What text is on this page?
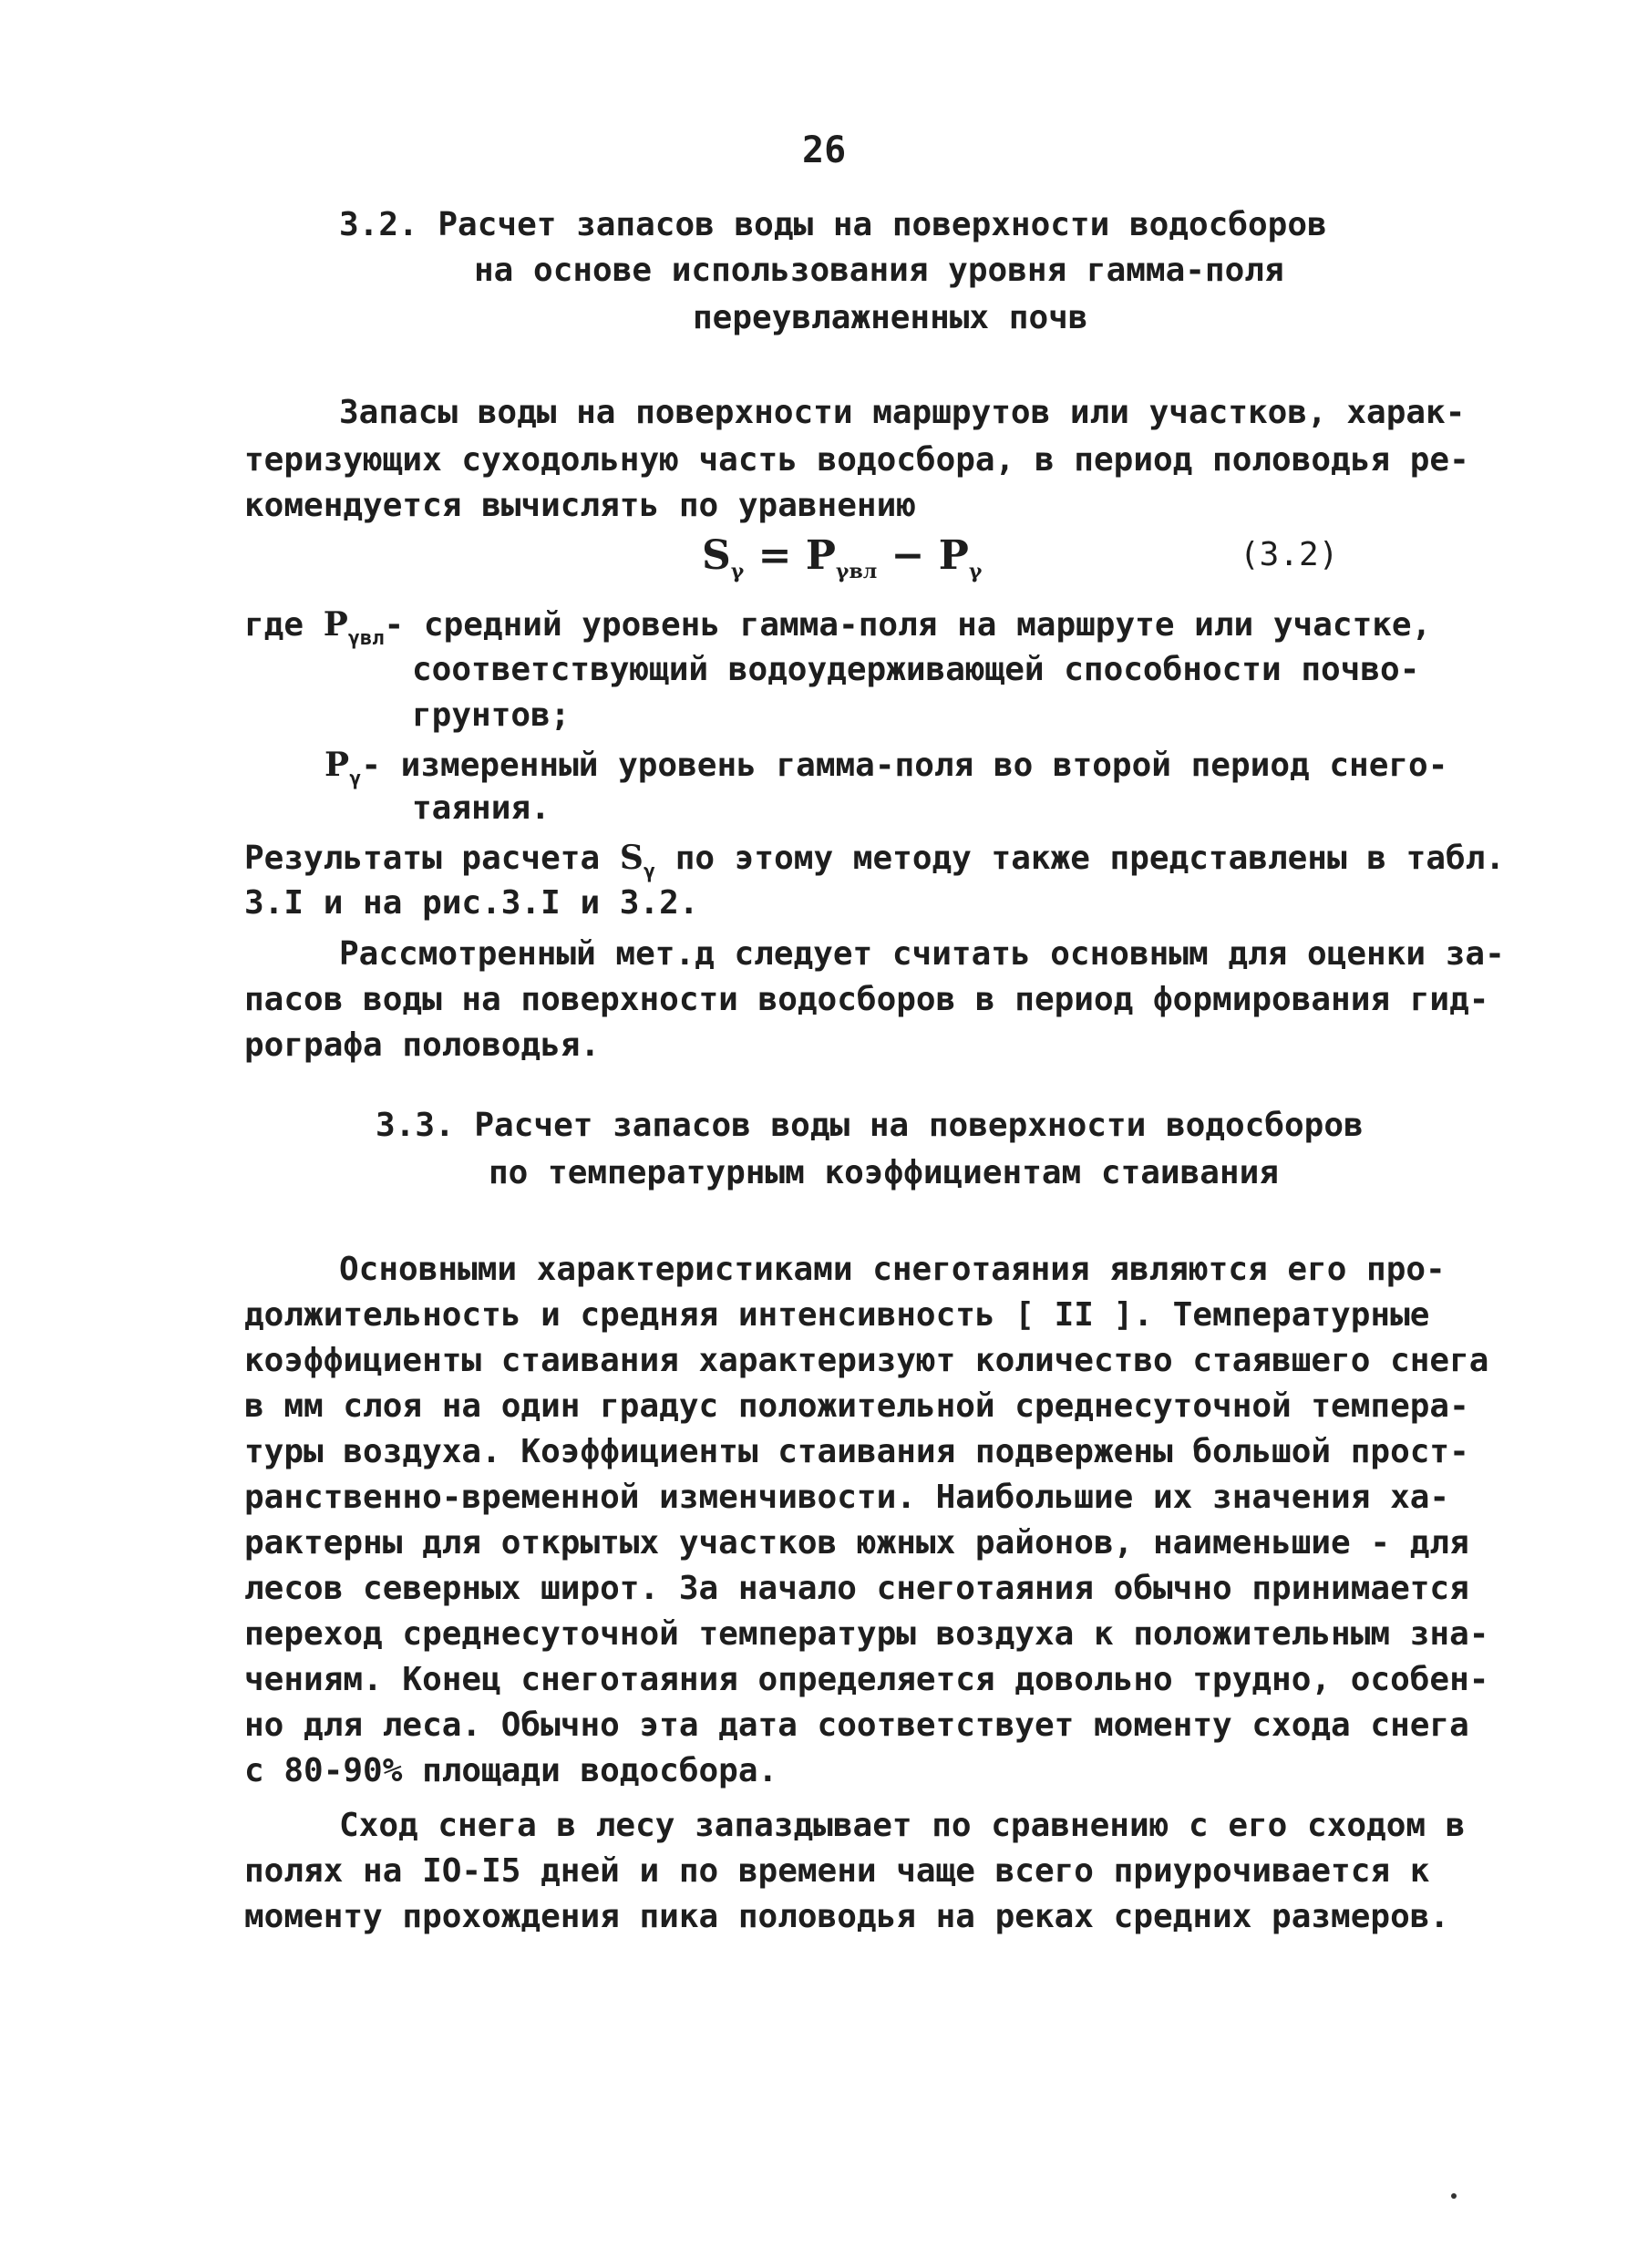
26
3.2. Расчет запасов воды на поверхности водосборов
на основе использования уровня гамма-поля
переувлажненных почв
Запасы воды на поверхности маршрутов или участков, харак-
теризующих суходольную часть водосбора, в период половодья ре-
комендуется вычислять по уравнению
$S_\gamma = P_{\gamma вл} - P_\gamma$	(3.2)
где $P_{\gamma вл}-$ средний уровень гамма-поля на маршруте или участке,
соответствующий водоудерживающей способности почво-
грунтов;
$P_\gamma-$ измеренный уровень гамма-поля во второй период снего-
таяния.
Результаты расчета $S_\gamma$ по этому методу также представлены в табл.
3.I и на рис.3.I и 3.2.
Рассмотренный мет.д следует считать основным для оценки за-
пасов воды на поверхности водосборов в период формирования гид-
рографа половодья.
3.3. Расчет запасов воды на поверхности водосборов
по температурным коэффициентам стаивания
Основными характеристиками снеготаяния являются его про-
должительность и средняя интенсивность [ II ]. Температурные
коэффициенты стаивания характеризуют количество стаявшего снега
в мм слоя на один градус положительной среднесуточной темпера-
туры воздуха. Коэффициенты стаивания подвержены большой прост-
ранственно-временной изменчивости. Наибольшие их значения ха-
рактерны для открытых участков южных районов, наименьшие - для
лесов северных широт. За начало снеготаяния обычно принимается
переход среднесуточной температуры воздуха к положительным зна-
чениям. Конец снеготаяния определяется довольно трудно, особен-
но для леса. Обычно эта дата соответствует моменту схода снега
с 80-90% площади водосбора.
Сход снега в лесу запаздывает по сравнению с его сходом в
полях на IO-I5 дней и по времени чаще всего приурочивается к
моменту прохождения пика половодья на реках средних размеров.
